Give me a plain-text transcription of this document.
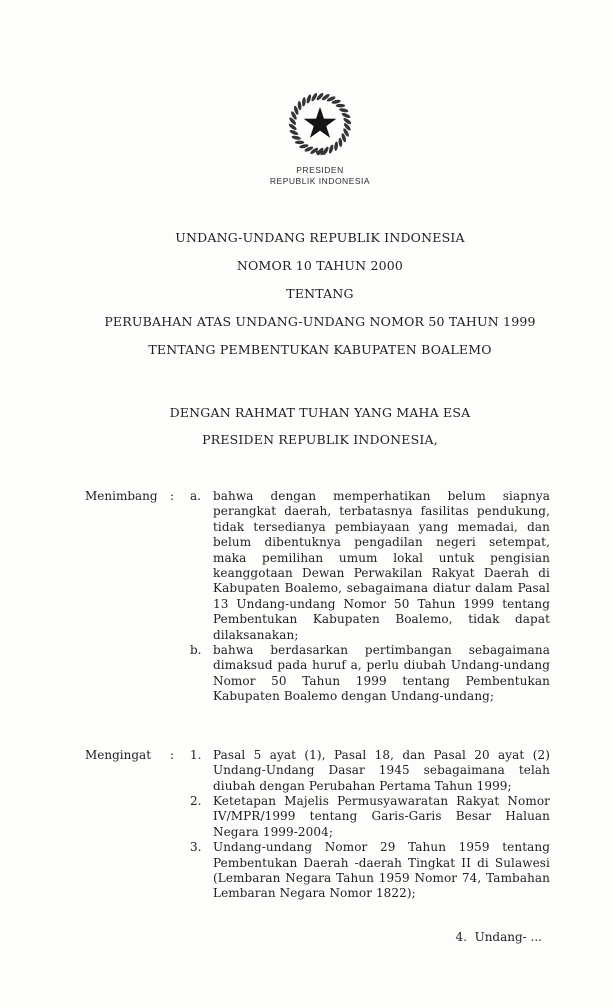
PRESIDEN
REPUBLIK INDONESIA
UNDANG-UNDANG REPUBLIK INDONESIA
NOMOR 10 TAHUN 2000
TENTANG
PERUBAHAN ATAS UNDANG-UNDANG NOMOR 50 TAHUN 1999
TENTANG PEMBENTUKAN KABUPATEN BOALEMO
DENGAN RAHMAT TUHAN YANG MAHA ESA
PRESIDEN REPUBLIK INDONESIA,
Menimbang	:	a.	bahwa dengan memperhatikan belum siapnya perangkat daerah, terbatasnya fasilitas pendukung, tidak tersedianya pembiayaan yang memadai, dan belum dibentuknya pengadilan negeri setempat, maka pemilihan umum lokal untuk pengisian keanggotaan Dewan Perwakilan Rakyat Daerah di Kabupaten Boalemo, sebagaimana diatur dalam Pasal 13 Undang-undang Nomor 50 Tahun 1999 tentang Pembentukan Kabupaten Boalemo, tidak dapat dilaksanakan;
b. bahwa berdasarkan pertimbangan sebagaimana dimaksud pada huruf a, perlu diubah Undang-undang Nomor 50 Tahun 1999 tentang Pembentukan Kabupaten Boalemo dengan Undang-undang;
Mengingat	:	1. Pasal 5 ayat (1), Pasal 18, dan Pasal 20 ayat (2) Undang-Undang Dasar 1945 sebagaimana telah diubah dengan Perubahan Pertama Tahun 1999;
2. Ketetapan Majelis Permusyawaratan Rakyat Nomor IV/MPR/1999 tentang Garis-Garis Besar Haluan Negara 1999-2004;
3. Undang-undang Nomor 29 Tahun 1959 tentang Pembentukan Daerah -daerah Tingkat II di Sulawesi (Lembaran Negara Tahun 1959 Nomor 74, Tambahan Lembaran Negara Nomor 1822);
4.  Undang- ...
